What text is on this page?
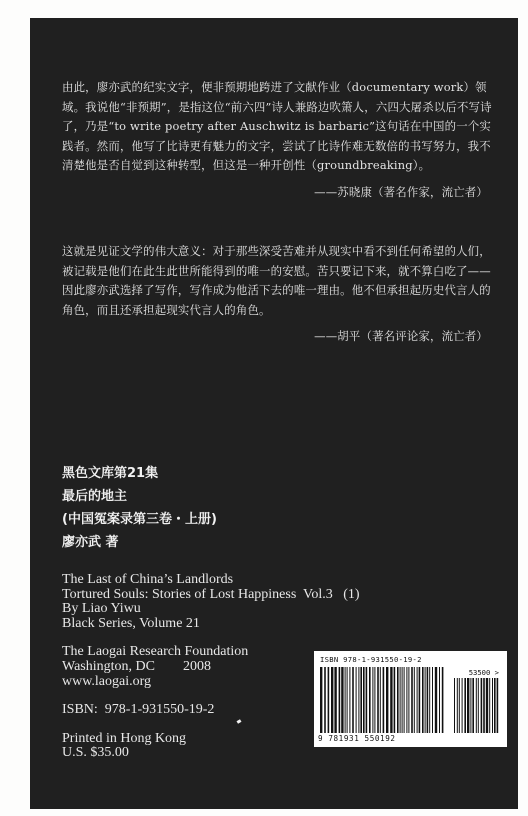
由此，廖亦武的纪实文字，便非预期地跨进了文献作业（documentary work）领域。我说他“非预期”，是指这位“前六四”诗人兼路边吹箫人，六四大屠杀以后不写诗了，乃是“to write poetry after Auschwitz is barbaric”这句话在中国的一个实践者。然而，他写了比诗更有魅力的文字，尝试了比诗作难无数倍的书写努力，我不清楚他是否自觉到这种转型，但这是一种开创性（groundbreaking）。

——苏晓康（著名作家，流亡者）

这就是见证文学的伟大意义：对于那些深受苦难并从现实中看不到任何希望的人们，被记载是他们在此生此世所能得到的唯一的安慰。苦只要记下来，就不算白吃了——因此廖亦武选择了写作，写作成为他活下去的唯一理由。他不但承担起历史代言人的角色，而且还承担起现实代言人的角色。

——胡平（著名评论家，流亡者）

黑色文库第21集
最后的地主
(中国冤案录第三卷・上册)
廖亦武 著
The Last of China’s Landlords
Tortured Souls: Stories of Lost Happiness  Vol.3   (1)
By Liao Yiwu
Black Series, Volume 21
The Laogai Research Foundation
Washington, DC        2008
www.laogai.org
ISBN:  978-1-931550-19-2
Printed in Hong Kong
U.S. $35.00
ISBN 978-1-931550-19-2
53500 >
9 781931 550192
